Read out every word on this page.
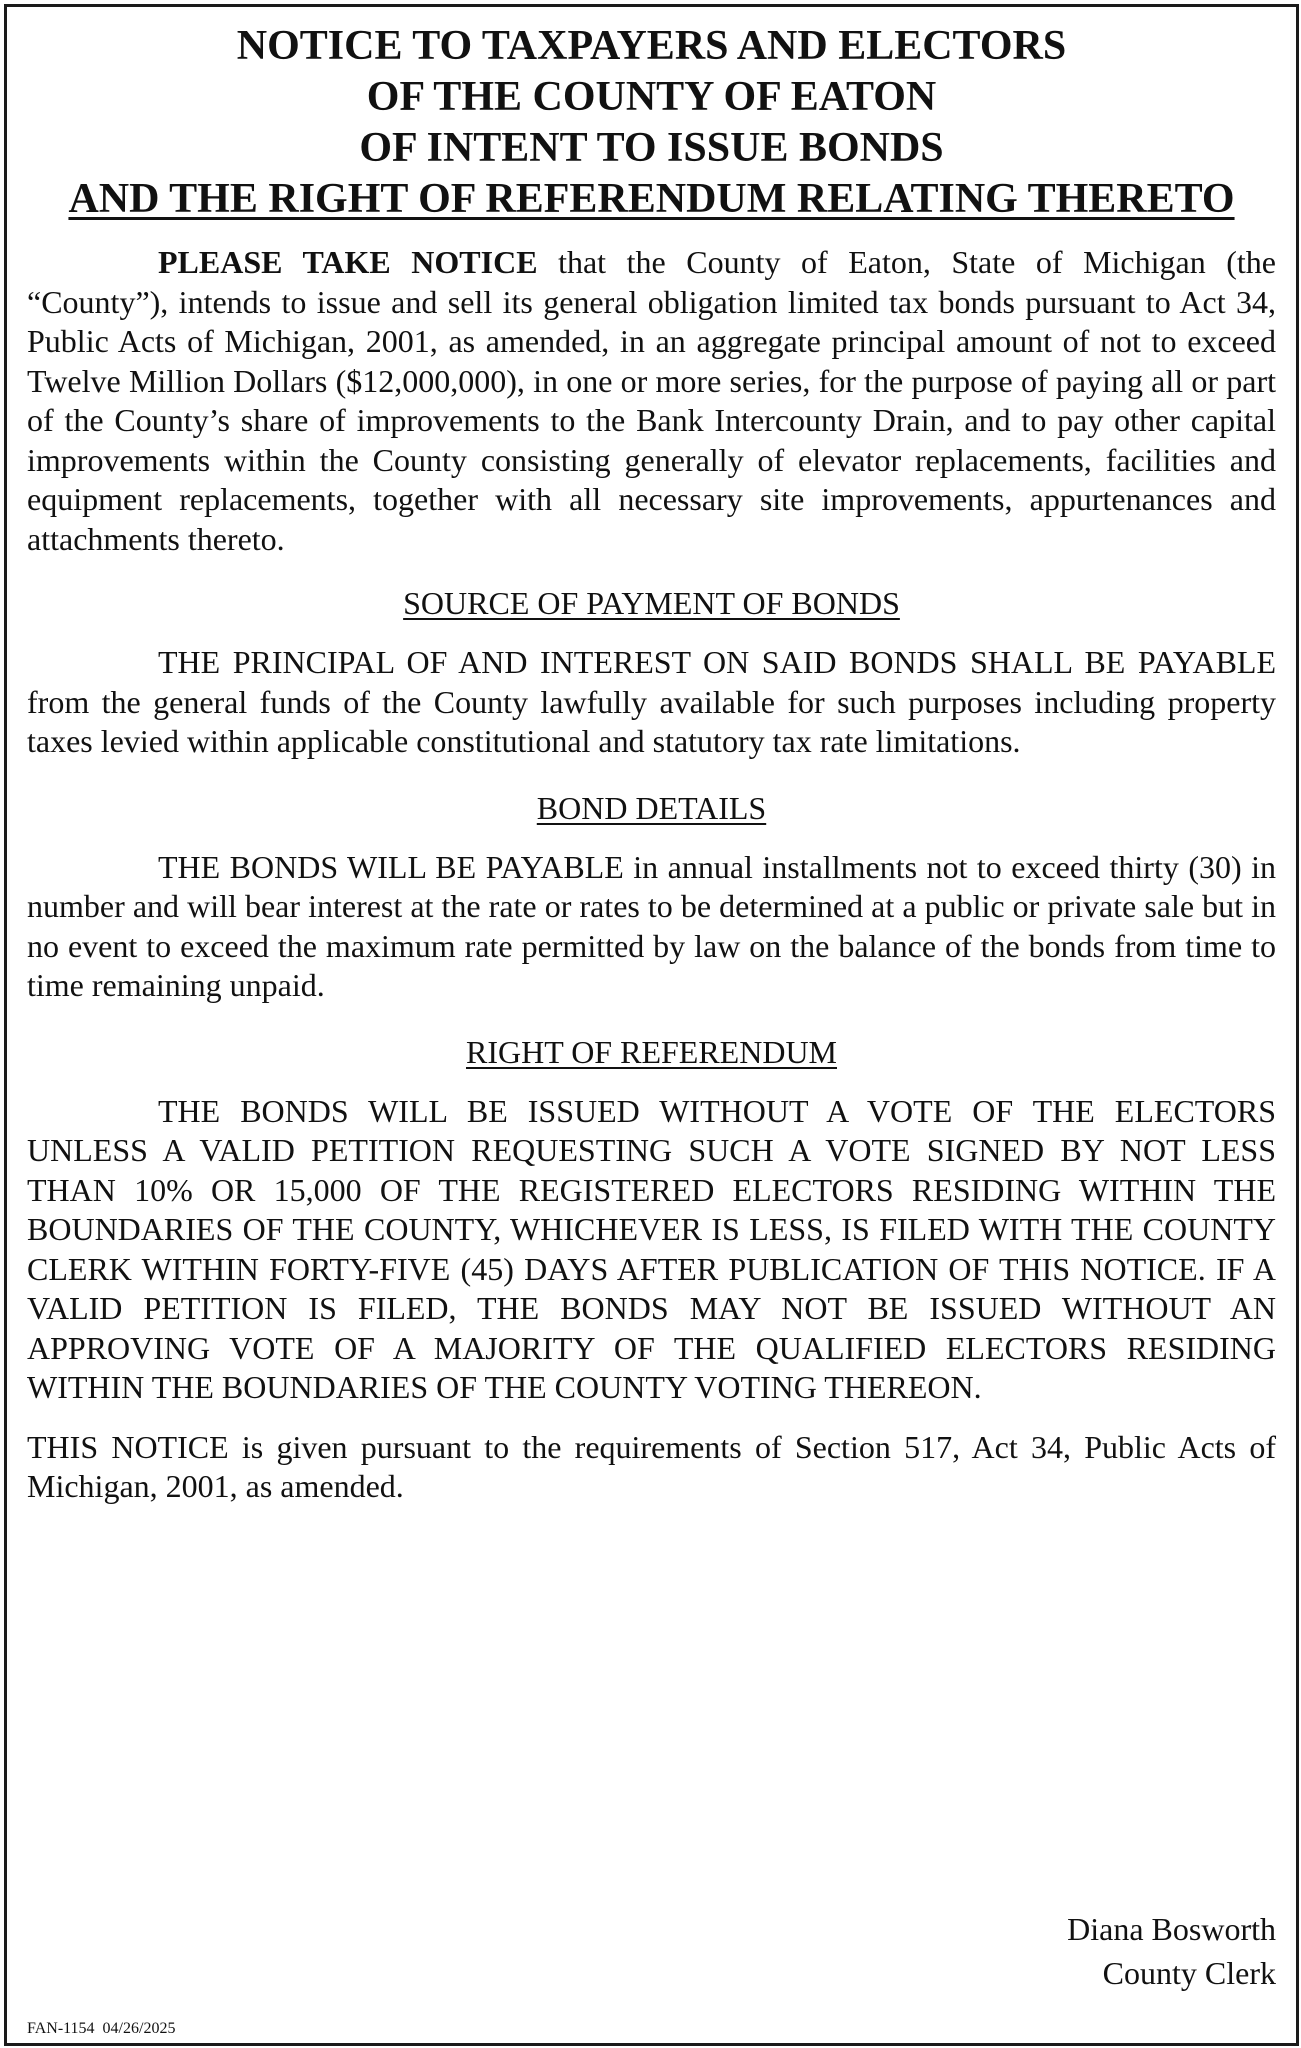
NOTICE TO TAXPAYERS AND ELECTORS

OF THE COUNTY OF EATON

OF INTENT TO ISSUE BONDS

AND THE RIGHT OF REFERENDUM RELATING THERETO

PLEASE TAKE NOTICE that the County of Eaton, State of Michigan (the “County”), intends to issue and sell its general obligation limited tax bonds pursuant to Act 34, Public Acts of Michigan, 2001, as amended, in an aggregate principal amount of not to exceed Twelve Million Dollars ($12,000,000), in one or more series, for the purpose of paying all or part of the County’s share of improvements to the Bank Intercounty Drain, and to pay other capital improvements within the County consisting generally of elevator replacements, facilities and equipment replacements, together with all necessary site improvements, appurtenances and attachments thereto.

SOURCE OF PAYMENT OF BONDS

THE PRINCIPAL OF AND INTEREST ON SAID BONDS SHALL BE PAYABLE from the general funds of the County lawfully available for such purposes including property taxes levied within applicable constitutional and statutory tax rate limitations.

BOND DETAILS

THE BONDS WILL BE PAYABLE in annual installments not to exceed thirty (30) in number and will bear interest at the rate or rates to be determined at a public or private sale but in no event to exceed the maximum rate permitted by law on the balance of the bonds from time to time remaining unpaid.

RIGHT OF REFERENDUM

THE BONDS WILL BE ISSUED WITHOUT A VOTE OF THE ELECTORS UNLESS A VALID PETITION REQUESTING SUCH A VOTE SIGNED BY NOT LESS THAN 10% OR 15,000 OF THE REGISTERED ELECTORS RESIDING WITHIN THE BOUNDARIES OF THE COUNTY, WHICHEVER IS LESS, IS FILED WITH THE COUNTY CLERK WITHIN FORTY-FIVE (45) DAYS AFTER PUBLICATION OF THIS NOTICE. IF A VALID PETITION IS FILED, THE BONDS MAY NOT BE ISSUED WITHOUT AN APPROVING VOTE OF A MAJORITY OF THE QUALIFIED ELECTORS RESIDING WITHIN THE BOUNDARIES OF THE COUNTY VOTING THEREON.

THIS NOTICE is given pursuant to the requirements of Section 517, Act 34, Public Acts of Michigan, 2001, as amended.

Diana Bosworth
County Clerk
FAN-1154  04/26/2025
